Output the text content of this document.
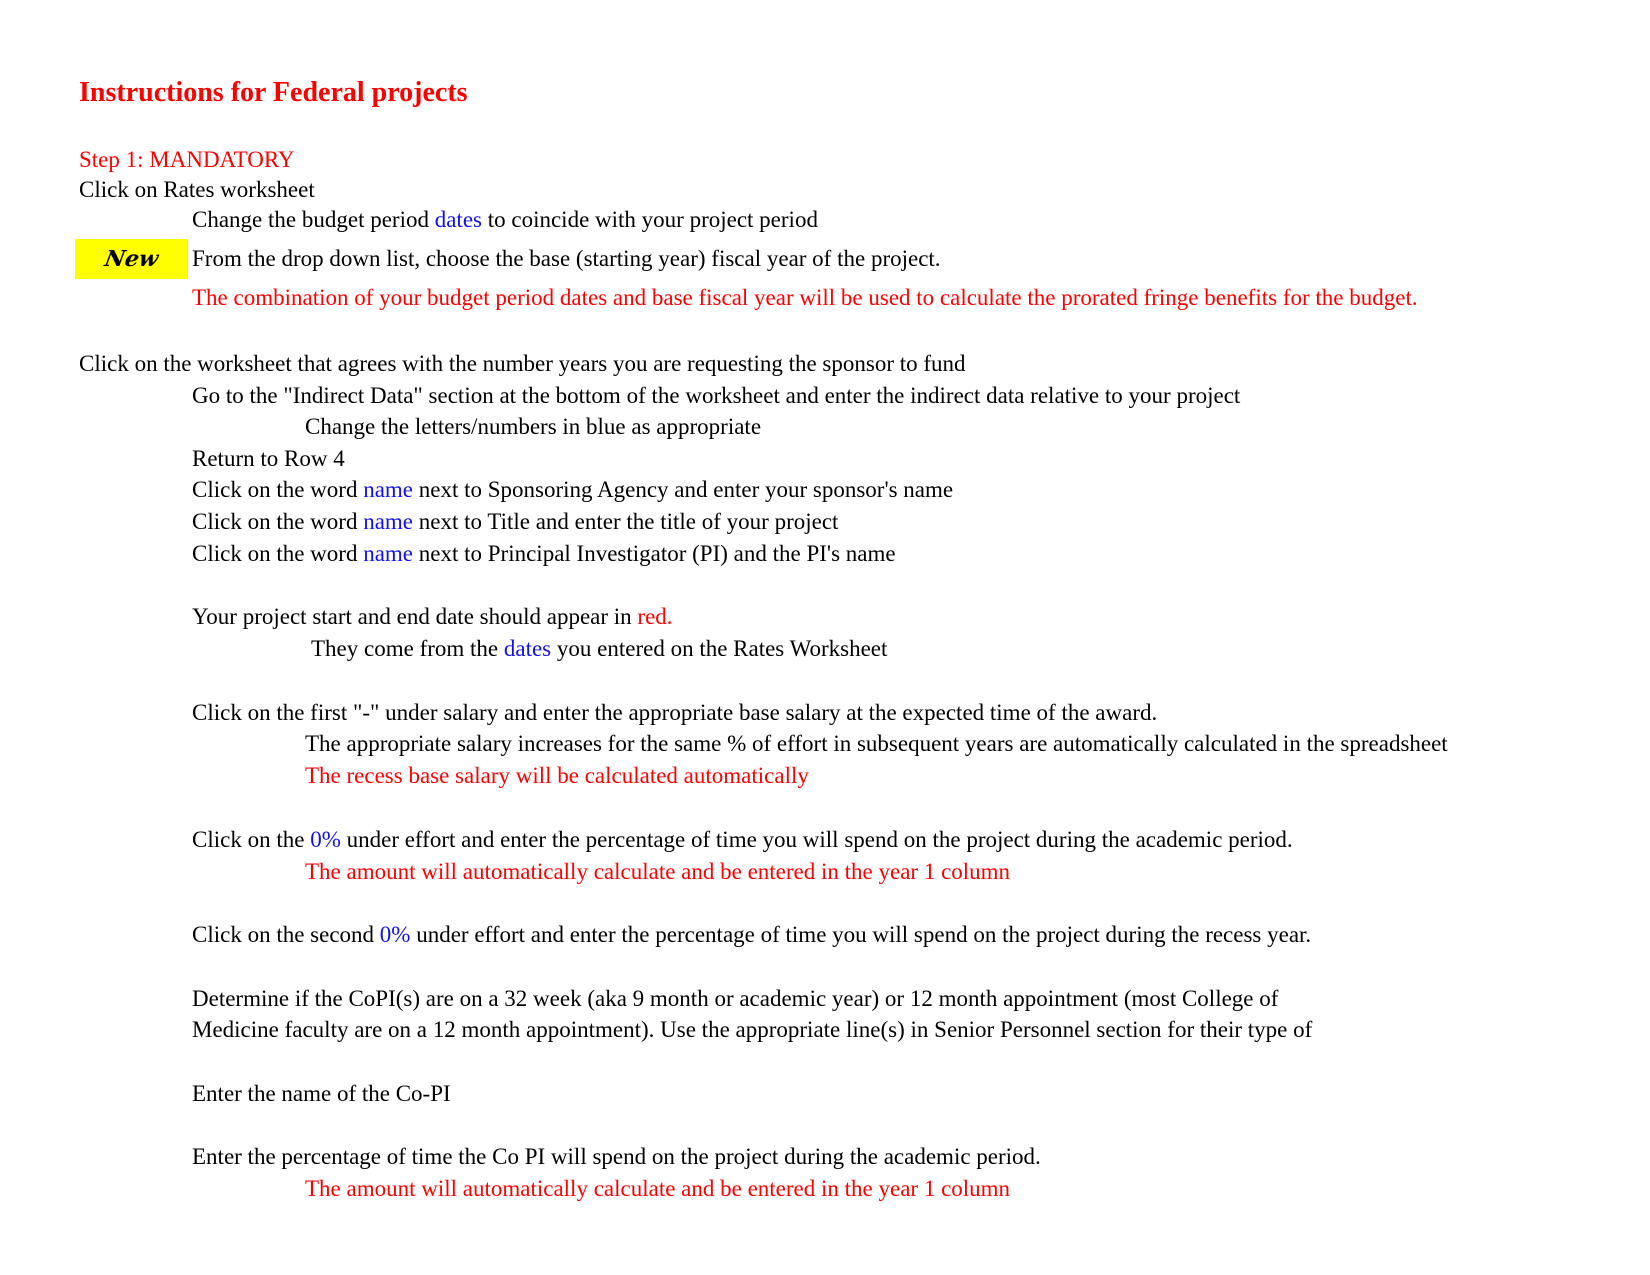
Instructions for Federal projects
Step 1: MANDATORY
Click on Rates worksheet
Change the budget period dates to coincide with your project period
New From the drop down list, choose the base (starting year) fiscal year of the project.
The combination of your budget period dates and base fiscal year will be used to calculate the prorated fringe benefits for the budget.
Click on the worksheet that agrees with the number years you are requesting the sponsor to fund
Go to the "Indirect Data" section at the bottom of the worksheet and enter the indirect data relative to your project
Change the letters/numbers in blue as appropriate
Return to Row 4
Click on the word name next to Sponsoring Agency and enter your sponsor's name
Click on the word name next to Title and enter the title of your project
Click on the word name next to Principal Investigator (PI) and the PI's name
Your project start and end date should appear in red.
They come from the dates you entered on the Rates Worksheet
Click on the first "-" under salary and enter the appropriate base salary at the expected time of the award.
The appropriate salary increases for the same % of effort in subsequent years are automatically calculated in the spreadsheet
The recess base salary will be calculated automatically
Click on the 0% under effort and enter the percentage of time you will spend on the project during the academic period.
The amount will automatically calculate and be entered in the year 1 column
Click on the second 0% under effort and enter the percentage of time you will spend on the project during the recess year.
Determine if the CoPI(s) are on a 32 week (aka 9 month or academic year) or 12 month appointment (most College of
Medicine faculty are on a 12 month appointment). Use the appropriate line(s) in Senior Personnel section for their type of
Enter the name of the Co-PI
Enter the percentage of time the Co PI will spend on the project during the academic period.
The amount will automatically calculate and be entered in the year 1 column
